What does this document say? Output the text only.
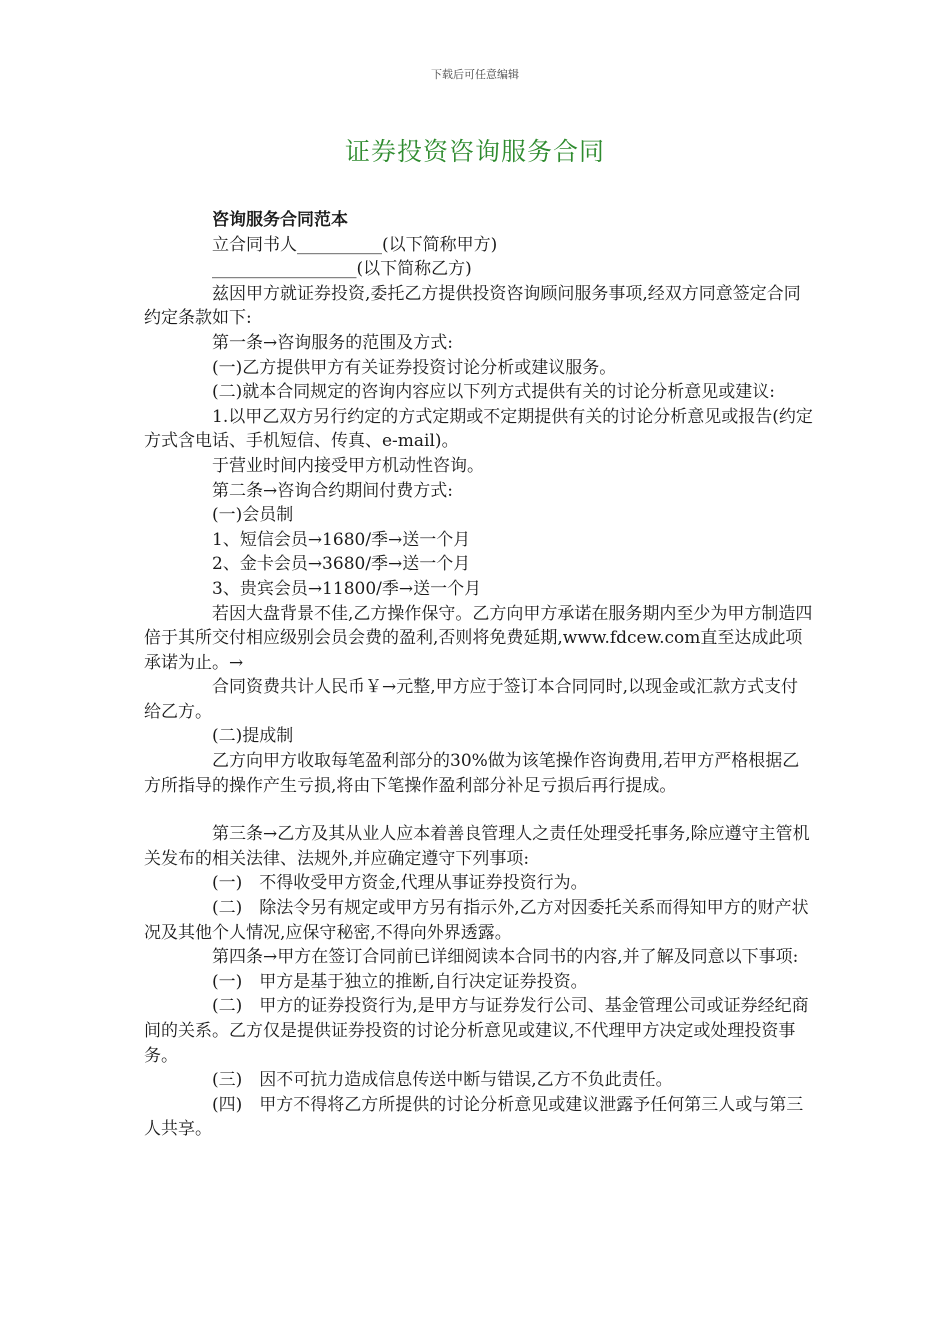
下载后可任意编辑
证券投资咨询服务合同

咨询服务合同范本

立合同书人__________(以下简称甲方)

_________________(以下简称乙方)

兹因甲方就证券投资,委托乙方提供投资咨询顾问服务事项,经双方同意签定合同约定条款如下:

第一条→咨询服务的范围及方式:

(一)乙方提供甲方有关证券投资讨论分析或建议服务。

(二)就本合同规定的咨询内容应以下列方式提供有关的讨论分析意见或建议:

1.以甲乙双方另行约定的方式定期或不定期提供有关的讨论分析意见或报告(约定方式含电话、手机短信、传真、e-mail)。

于营业时间内接受甲方机动性咨询。

第二条→咨询合约期间付费方式:

(一)会员制

1、短信会员→1680/季→送一个月

2、金卡会员→3680/季→送一个月

3、贵宾会员→11800/季→送一个月

若因大盘背景不佳,乙方操作保守。乙方向甲方承诺在服务期内至少为甲方制造四倍于其所交付相应级别会员会费的盈利,否则将免费延期,www.fdcew.com直至达成此项承诺为止。→

合同资费共计人民币￥→元整,甲方应于签订本合同同时,以现金或汇款方式支付给乙方。

(二)提成制

乙方向甲方收取每笔盈利部分的30%做为该笔操作咨询费用,若甲方严格根据乙方所指导的操作产生亏损,将由下笔操作盈利部分补足亏损后再行提成。

第三条→乙方及其从业人应本着善良管理人之责任处理受托事务,除应遵守主管机关发布的相关法律、法规外,并应确定遵守下列事项:

(一)　不得收受甲方资金,代理从事证券投资行为。

(二)　除法令另有规定或甲方另有指示外,乙方对因委托关系而得知甲方的财产状况及其他个人情况,应保守秘密,不得向外界透露。

第四条→甲方在签订合同前已详细阅读本合同书的内容,并了解及同意以下事项:

(一)　甲方是基于独立的推断,自行决定证券投资。

(二)　甲方的证券投资行为,是甲方与证券发行公司、基金管理公司或证券经纪商间的关系。乙方仅是提供证券投资的讨论分析意见或建议,不代理甲方决定或处理投资事务。

(三)　因不可抗力造成信息传送中断与错误,乙方不负此责任。

(四)　甲方不得将乙方所提供的讨论分析意见或建议泄露予任何第三人或与第三人共享。
